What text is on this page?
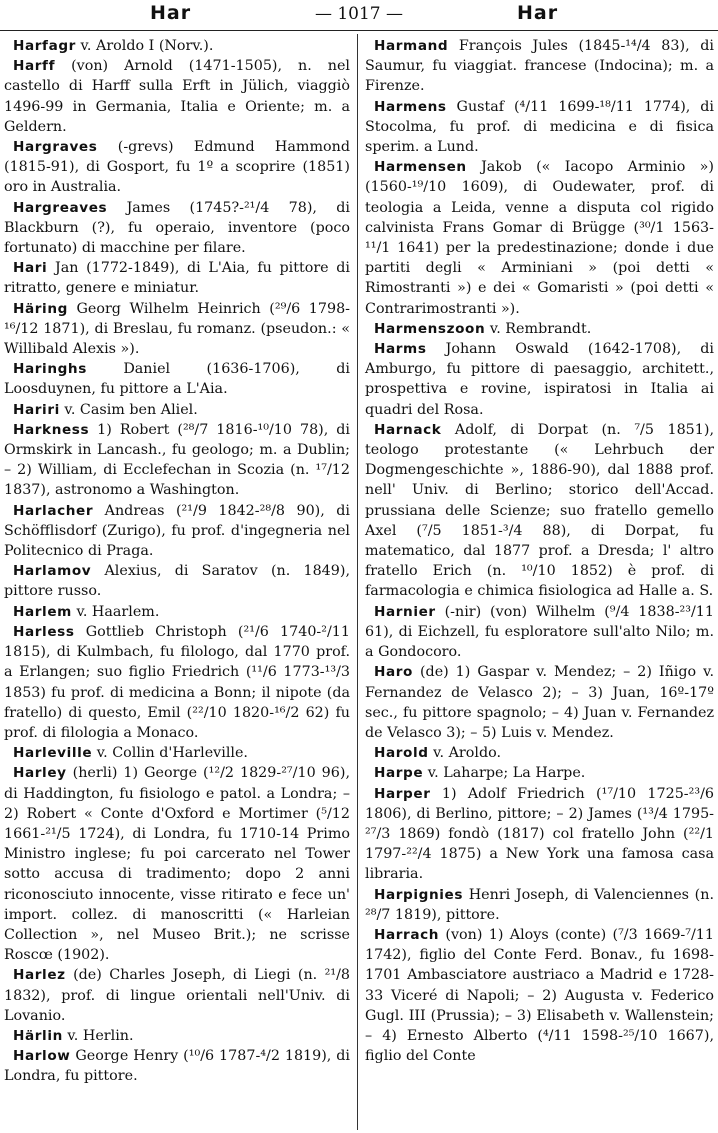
Har	— 1017 —	Har

Harfagr v. Aroldo I (Norv.).

Harff (von) Arnold (1471-1505), n. nel castello di Harff sulla Erft in Jülich, viaggiò 1496-99 in Germania, Italia e Oriente; m. a Geldern.

Hargraves (-grevs) Edmund Hammond (1815-91), di Gosport, fu 1º a scoprire (1851) oro in Australia.

Hargreaves James (1745?-²¹/4 78), di Blackburn (?), fu operaio, inventore (poco fortunato) di macchine per filare.

Hari Jan (1772-1849), di L'Aia, fu pittore di ritratto, genere e miniatur.

Häring Georg Wilhelm Heinrich (²⁹/6 1798-¹⁶/12 1871), di Breslau, fu romanz. (pseudon.: « Willibald Alexis »).

Haringhs Daniel (1636-1706), di Loosduynen, fu pittore a L'Aia.

Hariri v. Casim ben Aliel.

Harkness 1) Robert (²⁸/7 1816-¹⁰/10 78), di Ormskirk in Lancash., fu geologo; m. a Dublin; – 2) William, di Ecclefechan in Scozia (n. ¹⁷/12 1837), astronomo a Washington.

Harlacher Andreas (²¹/9 1842-²⁸/8 90), di Schöfflisdorf (Zurigo), fu prof. d'ingegneria nel Politecnico di Praga.

Harlamov Alexius, di Saratov (n. 1849), pittore russo.

Harlem v. Haarlem.

Harless Gottlieb Christoph (²¹/6 1740-²/11 1815), di Kulmbach, fu filologo, dal 1770 prof. a Erlangen; suo figlio Friedrich (¹¹/6 1773-¹³/3 1853) fu prof. di medicina a Bonn; il nipote (da fratello) di questo, Emil (²²/10 1820-¹⁶/2 62) fu prof. di filologia a Monaco.

Harleville v. Collin d'Harleville.

Harley (herli) 1) George (¹²/2 1829-²⁷/10 96), di Haddington, fu fisiologo e patol. a Londra; – 2) Robert « Conte d'Oxford e Mortimer (⁵/12 1661-²¹/5 1724), di Londra, fu 1710-14 Primo Ministro inglese; fu poi carcerato nel Tower sotto accusa di tradimento; dopo 2 anni riconosciuto innocente, visse ritirato e fece un' import. collez. di manoscritti (« Harleian Collection », nel Museo Brit.); ne scrisse Roscœ (1902).

Harlez (de) Charles Joseph, di Liegi (n. ²¹/8 1832), prof. di lingue orientali nell'Univ. di Lovanio.

Härlin v. Herlin.

Harlow George Henry (¹⁰/6 1787-⁴/2 1819), di Londra, fu pittore.

Harmand François Jules (1845-¹⁴/4 83), di Saumur, fu viaggiat. francese (Indocina); m. a Firenze.

Harmens Gustaf (⁴/11 1699-¹⁸/11 1774), di Stocolma, fu prof. di medicina e di fisica sperim. a Lund.

Harmensen Jakob (« Iacopo Arminio ») (1560-¹⁹/10 1609), di Oudewater, prof. di teologia a Leida, venne a disputa col rigido calvinista Frans Gomar di Brügge (³⁰/1 1563-¹¹/1 1641) per la predestinazione; donde i due partiti degli « Arminiani » (poi detti « Rimostranti ») e dei « Gomaristi » (poi detti « Contrarimostranti »).

Harmenszoon v. Rembrandt.

Harms Johann Oswald (1642-1708), di Amburgo, fu pittore di paesaggio, architett., prospettiva e rovine, ispiratosi in Italia ai quadri del Rosa.

Harnack Adolf, di Dorpat (n. ⁷/5 1851), teologo protestante (« Lehrbuch der Dogmengeschichte », 1886-90), dal 1888 prof. nell' Univ. di Berlino; storico dell'Accad. prussiana delle Scienze; suo fratello gemello Axel (⁷/5 1851-³/4 88), di Dorpat, fu matematico, dal 1877 prof. a Dresda; l' altro fratello Erich (n. ¹⁰/10 1852) è prof. di farmacologia e chimica fisiologica ad Halle a. S.

Harnier (-nir) (von) Wilhelm (⁹/4 1838-²³/11 61), di Eichzell, fu esploratore sull'alto Nilo; m. a Gondocoro.

Haro (de) 1) Gaspar v. Mendez; – 2) Iñigo v. Fernandez de Velasco 2); – 3) Juan, 16º-17º sec., fu pittore spagnolo; – 4) Juan v. Fernandez de Velasco 3); – 5) Luis v. Mendez.

Harold v. Aroldo.

Harpe v. Laharpe; La Harpe.

Harper 1) Adolf Friedrich (¹⁷/10 1725-²³/6 1806), di Berlino, pittore; – 2) James (¹³/4 1795-²⁷/3 1869) fondò (1817) col fratello John (²²/1 1797-²²/4 1875) a New York una famosa casa libraria.

Harpignies Henri Joseph, di Valenciennes (n. ²⁸/7 1819), pittore.

Harrach (von) 1) Aloys (conte) (⁷/3 1669-⁷/11 1742), figlio del Conte Ferd. Bonav., fu 1698-1701 Ambasciatore austriaco a Madrid e 1728-33 Viceré di Napoli; – 2) Augusta v. Federico Gugl. III (Prussia); – 3) Elisabeth v. Wallenstein; – 4) Ernesto Alberto (⁴/11 1598-²⁵/10 1667), figlio del Conte
